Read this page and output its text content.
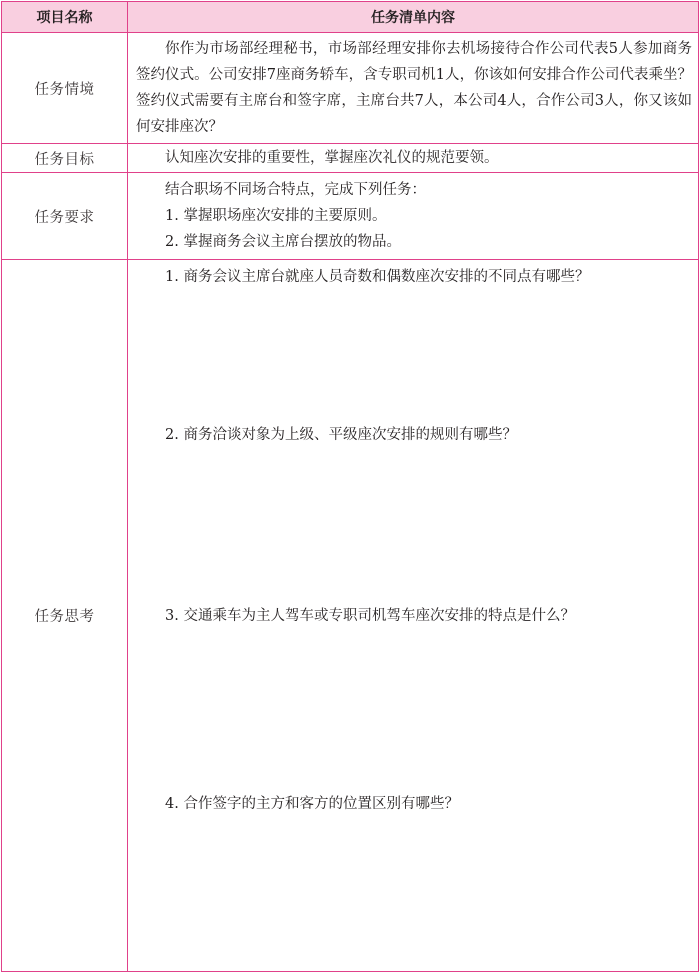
项目名称	任务清单内容
任务情境	你作为市场部经理秘书，市场部经理安排你去机场接待合作公司代表5人参加商务签约仪式。公司安排7座商务轿车，含专职司机1人，你该如何安排合作公司代表乘坐？签约仪式需要有主席台和签字席，主席台共7人，本公司4人，合作公司3人，你又该如何安排座次？

任务目标	认知座次安排的重要性，掌握座次礼仪的规范要领。

任务要求	结合职场不同场合特点，完成下列任务：
1. 掌握职场座次安排的主要原则。
2. 掌握商务会议主席台摆放的物品。

任务思考	1. 商务会议主席台就座人员奇数和偶数座次安排的不同点有哪些？
2. 商务洽谈对象为上级、平级座次安排的规则有哪些？
3. 交通乘车为主人驾车或专职司机驾车座次安排的特点是什么？
4. 合作签字的主方和客方的位置区别有哪些？
